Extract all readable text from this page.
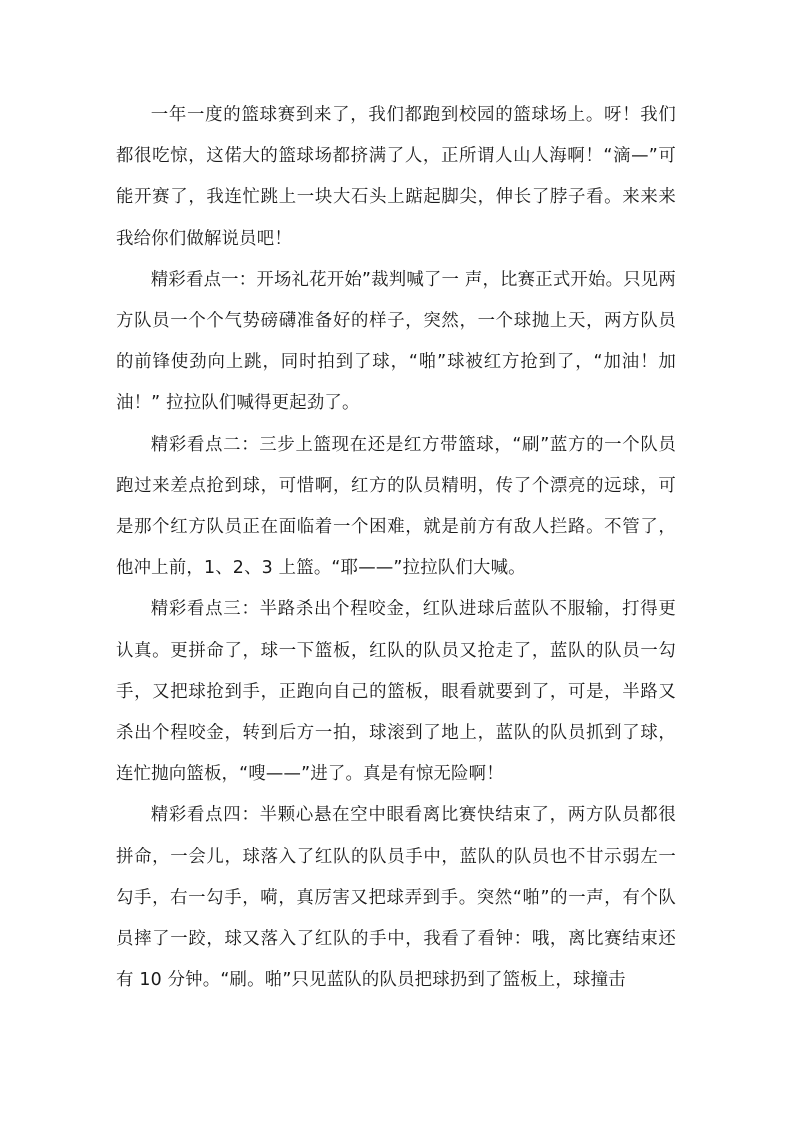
一年一度的篮球赛到来了，我们都跑到校园的篮球场上。呀！我们都很吃惊，这偌大的篮球场都挤满了人，正所谓人山人海啊！“滴—”可能开赛了，我连忙跳上一块大石头上踮起脚尖，伸长了脖子看。来来来我给你们做解说员吧！

精彩看点一：开场礼花开始”裁判喊了一 声，比赛正式开始。只见两方队员一个个气势磅礴准备好的样子，突然，一个球抛上天，两方队员的前锋使劲向上跳，同时拍到了球，“啪”球被红方抢到了，“加油！加油！” 拉拉队们喊得更起劲了。

精彩看点二：三步上篮现在还是红方带篮球，“刷”蓝方的一个队员跑过来差点抢到球，可惜啊，红方的队员精明，传了个漂亮的远球，可是那个红方队员正在面临着一个困难，就是前方有敌人拦路。不管了，他冲上前，1、2、3 上篮。“耶——”拉拉队们大喊。

精彩看点三：半路杀出个程咬金，红队进球后蓝队不服输，打得更认真。更拼命了，球一下篮板，红队的队员又抢走了，蓝队的队员一勾手，又把球抢到手，正跑向自己的篮板，眼看就要到了，可是，半路又杀出个程咬金，转到后方一拍，球滚到了地上，蓝队的队员抓到了球，连忙抛向篮板，“嗖——”进了。真是有惊无险啊！

精彩看点四：半颗心悬在空中眼看离比赛快结束了，两方队员都很拼命，一会儿，球落入了红队的队员手中，蓝队的队员也不甘示弱左一勾手，右一勾手，嗬，真厉害又把球弄到手。突然“啪”的一声，有个队员摔了一跤，球又落入了红队的手中，我看了看钟：哦，离比赛结束还有 10 分钟。“刷。啪”只见蓝队的队员把球扔到了篮板上，球撞击
